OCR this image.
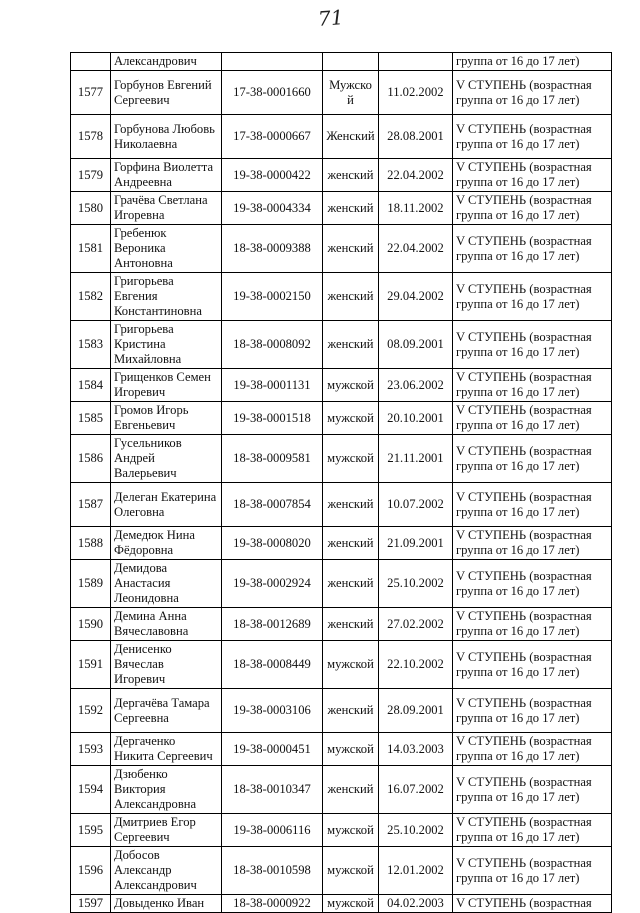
71
	Александрович				группа от 16 до 17 лет)

1577	Горбунов Евгений Сергеевич	17-38-0001660	Мужской	11.02.2002	V СТУПЕНЬ (возрастная
группа от 16 до 17 лет)

1578	Горбунова Любовь Николаевна	17-38-0000667	Женский	28.08.2001	V СТУПЕНЬ (возрастная
группа от 16 до 17 лет)

1579	Горфина Виолетта Андреевна	19-38-0000422	женский	22.04.2002	V СТУПЕНЬ (возрастная
группа от 16 до 17 лет)

1580	Грачёва Светлана Игоревна	19-38-0004334	женский	18.11.2002	V СТУПЕНЬ (возрастная
группа от 16 до 17 лет)

1581	Гребенюк Вероника Антоновна	18-38-0009388	женский	22.04.2002	V СТУПЕНЬ (возрастная
группа от 16 до 17 лет)

1582	Григорьева Евгения Константиновна	19-38-0002150	женский	29.04.2002	V СТУПЕНЬ (возрастная
группа от 16 до 17 лет)

1583	Григорьева Кристина Михайловна	18-38-0008092	женский	08.09.2001	V СТУПЕНЬ (возрастная
группа от 16 до 17 лет)

1584	Грищенков Семен Игоревич	19-38-0001131	мужской	23.06.2002	V СТУПЕНЬ (возрастная
группа от 16 до 17 лет)

1585	Громов Игорь Евгеньевич	19-38-0001518	мужской	20.10.2001	V СТУПЕНЬ (возрастная
группа от 16 до 17 лет)

1586	Гусельников Андрей Валерьевич	18-38-0009581	мужской	21.11.2001	V СТУПЕНЬ (возрастная
группа от 16 до 17 лет)

1587	Делеган Екатерина Олеговна	18-38-0007854	женский	10.07.2002	V СТУПЕНЬ (возрастная
группа от 16 до 17 лет)

1588	Демедюк Нина Фёдоровна	19-38-0008020	женский	21.09.2001	V СТУПЕНЬ (возрастная
группа от 16 до 17 лет)

1589	Демидова Анастасия Леонидовна	19-38-0002924	женский	25.10.2002	V СТУПЕНЬ (возрастная
группа от 16 до 17 лет)

1590	Демина Анна Вячеславовна	18-38-0012689	женский	27.02.2002	V СТУПЕНЬ (возрастная
группа от 16 до 17 лет)

1591	Денисенко Вячеслав Игоревич	18-38-0008449	мужской	22.10.2002	V СТУПЕНЬ (возрастная
группа от 16 до 17 лет)

1592	Дергачёва Тамара Сергеевна	19-38-0003106	женский	28.09.2001	V СТУПЕНЬ (возрастная
группа от 16 до 17 лет)

1593	Дергаченко Никита Сергеевич	19-38-0000451	мужской	14.03.2003	V СТУПЕНЬ (возрастная
группа от 16 до 17 лет)

1594	Дзюбенко Виктория Александровна	18-38-0010347	женский	16.07.2002	V СТУПЕНЬ (возрастная
группа от 16 до 17 лет)

1595	Дмитриев Егор Сергеевич	19-38-0006116	мужской	25.10.2002	V СТУПЕНЬ (возрастная
группа от 16 до 17 лет)

1596	Добосов Александр Александрович	18-38-0010598	мужской	12.01.2002	V СТУПЕНЬ (возрастная
группа от 16 до 17 лет)

1597	Довыденко Иван	18-38-0000922	мужской	04.02.2003	V СТУПЕНЬ (возрастная
